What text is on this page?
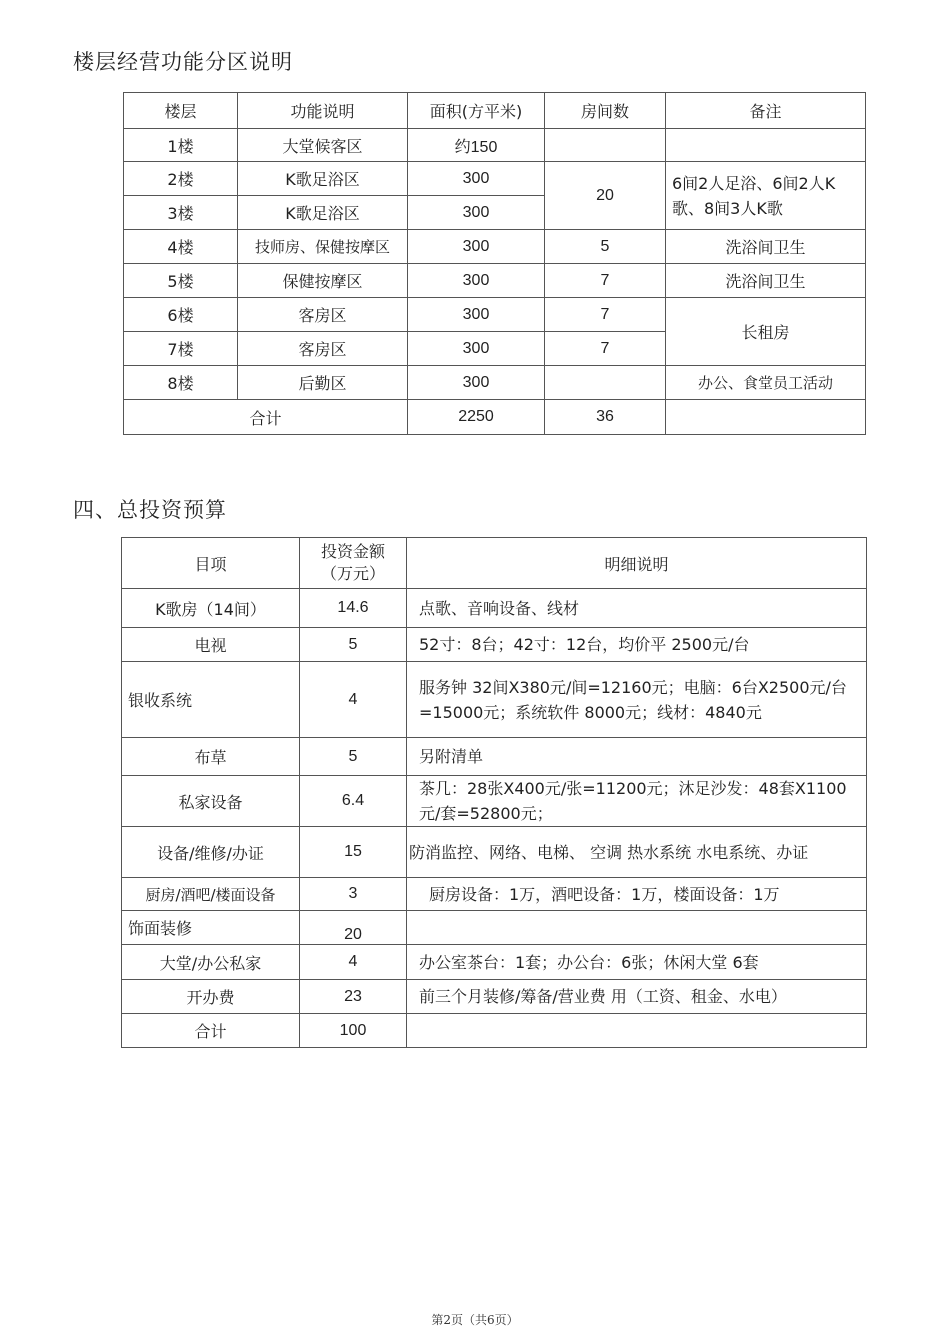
楼层经营功能分区说明
楼层	功能说明	面积(方平米)	房间数	备注
1楼	大堂候客区	约150		
2楼	K歌足浴区	300	20	6间2人足浴、6间2人K歌、8间3人K歌
3楼	K歌足浴区	300		
4楼	技师房、保健按摩区	300	5	洗浴间卫生
5楼	保健按摩区	300	7	洗浴间卫生
6楼	客房区	300	7	长租房
7楼	客房区	300	7	
8楼	后勤区	300		办公、食堂员工活动
合计		2250	36	
四、总投资预算
目项	投资金额（万元）	明细说明
K歌房（14间）	14.6	点歌、音响设备、线材
电视	5	52寸：8台；42寸：12台，均价平 2500元/台
银收系统	4	服务钟 32间X380元/间=12160元；电脑：6台X2500元/台=15000元；系统软件 8000元；线材：4840元
布草	5	另附清单
私家设备	6.4	茶几：28张X400元/张=11200元；沐足沙发：48套X1100元/套=52800元；
设备/维修/办证	15	防消监控、网络、电梯、 空调 热水系统 水电系统、办证
厨房/酒吧/楼面设备	3	厨房设备：1万，酒吧设备：1万，楼面设备：1万
饰面装修	20	
大堂/办公私家	4	办公室茶台：1套；办公台：6张；休闲大堂 6套
开办费	23	前三个月装修/筹备/营业费 用（工资、租金、水电）
合计	100	
第2页（共6页）
